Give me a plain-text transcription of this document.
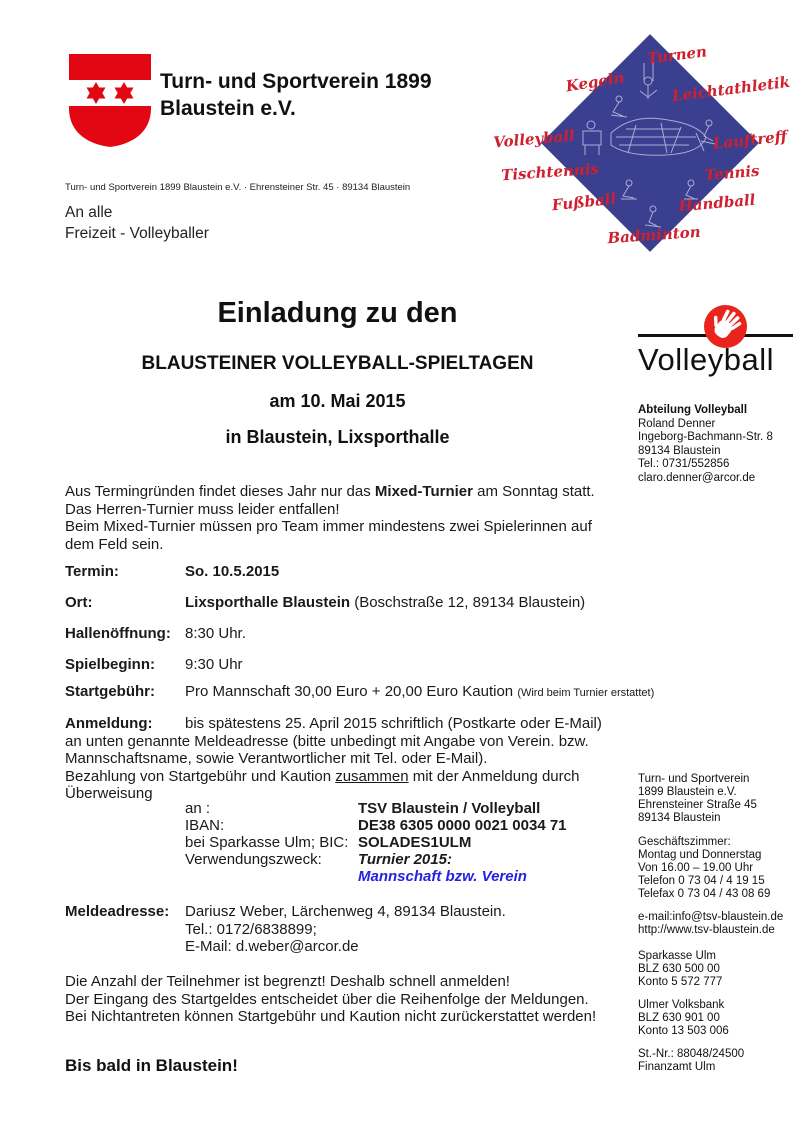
Turn- und Sportverein 1899
Blaustein e.V.
Turnen
Kegeln	Leichtathletik
Volleyball	Lauftreff
Tischtennis	Tennis
Fußball	Handball
Badminton
Turn- und Sportverein 1899 Blaustein e.V. · Ehrensteiner Str. 45 · 89134 Blaustein
An alle
Freizeit - Volleyballer
Einladung zu den
BLAUSTEINER VOLLEYBALL-SPIELTAGEN
am 10. Mai 2015
in Blaustein, Lixsporthalle
Volleyball
Abteilung Volleyball
Roland Denner
Ingeborg-Bachmann-Str. 8
89134 Blaustein
Tel.: 0731/552856
claro.denner@arcor.de
Aus Termingründen findet dieses Jahr nur das Mixed-Turnier am Sonntag statt. Das Herren-Turnier muss leider entfallen!
Beim Mixed-Turnier müssen pro Team immer mindestens zwei Spielerinnen auf dem Feld sein.
Termin:	So. 10.5.2015
Ort:	Lixsporthalle Blaustein (Boschstraße 12, 89134 Blaustein)
Hallenöffnung: 8:30 Uhr.
Spielbeginn:	9:30 Uhr
Startgebühr:	Pro Mannschaft 30,00 Euro + 20,00 Euro Kaution (Wird beim Turnier erstattet)
Anmeldung: bis spätestens 25. April 2015 schriftlich (Postkarte oder E-Mail) an unten genannte Meldeadresse (bitte unbedingt mit Angabe von Verein. bzw. Mannschaftsname, sowie Verantwortlicher mit Tel. oder E-Mail).
Bezahlung von Startgebühr und Kaution zusammen mit der Anmeldung durch Überweisung
an :	TSV Blaustein / Volleyball
IBAN:	DE38 6305 0000 0021 0034 71
bei Sparkasse Ulm; BIC: SOLADES1ULM
Verwendungszweck:	Turnier 2015:
Mannschaft bzw. Verein
Meldeadresse:	Dariusz Weber, Lärchenweg 4, 89134 Blaustein.
Tel.: 0172/6838899;
E-Mail: d.weber@arcor.de
Die Anzahl der Teilnehmer ist begrenzt! Deshalb schnell anmelden!
Der Eingang des Startgeldes entscheidet über die Reihenfolge der Meldungen.
Bei Nichtantreten können Startgebühr und Kaution nicht zurückerstattet werden!
Bis bald in Blaustein!
Turn- und Sportverein
1899 Blaustein e.V.
Ehrensteiner Straße 45
89134 Blaustein
Geschäftszimmer:
Montag und Donnerstag
Von 16.00 – 19.00 Uhr
Telefon 0 73 04 / 4 19 15
Telefax 0 73 04 / 43 08 69
e-mail:info@tsv-blaustein.de
http://www.tsv-blaustein.de
Sparkasse Ulm
BLZ 630 500 00
Konto 5 572 777
Ulmer Volksbank
BLZ 630 901 00
Konto 13 503 006
St.-Nr.: 88048/24500
Finanzamt Ulm
